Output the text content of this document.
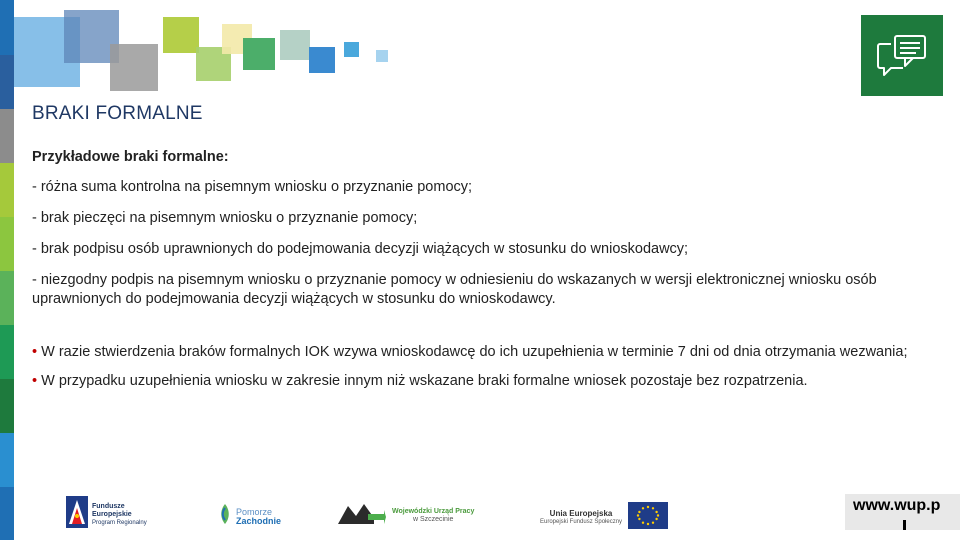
BRAKI FORMALNE

Przykładowe braki formalne:

- różna suma kontrolna na pisemnym wniosku o przyznanie pomocy;

- brak pieczęci na pisemnym wniosku o przyznanie pomocy;

- brak podpisu osób uprawnionych do podejmowania decyzji wiążących w stosunku do wnioskodawcy;

- niezgodny podpis na pisemnym wniosku o przyznanie pomocy w odniesieniu do wskazanych w wersji elektronicznej wniosku osób uprawnionych do podejmowania decyzji wiążących w stosunku do wnioskodawcy.

• W razie stwierdzenia braków formalnych IOK wzywa wnioskodawcę do ich uzupełnienia w terminie 7 dni od dnia otrzymania wezwania;

• W przypadku uzupełnienia wniosku w zakresie innym niż wskazane braki formalne wniosek pozostaje bez rozpatrzenia.

Fundusze
Europejskie
Program Regionalny
Pomorze
Zachodnie
Wojewódzki Urząd Pracy
w Szczecinie
Unia Europejska
Europejski Fundusz Społeczny
www.wup.p
